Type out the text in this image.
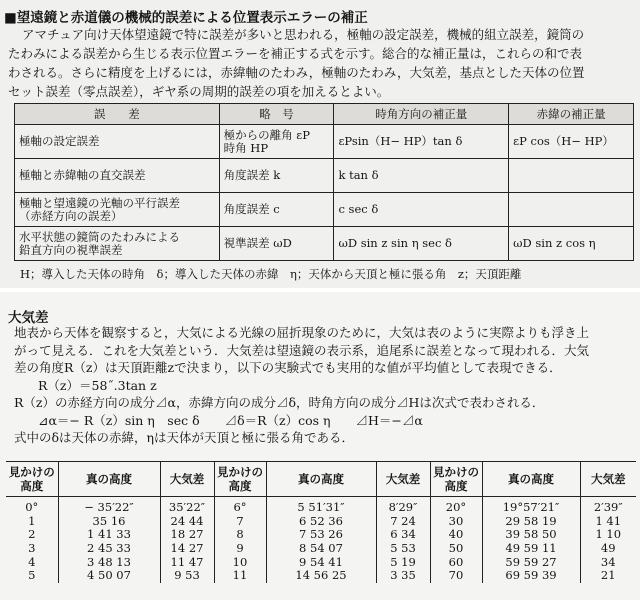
■望遠鏡と赤道儀の機械的誤差による位置表示エラーの補正
アマチュア向け天体望遠鏡で特に誤差が多いと思われる，極軸の設定誤差，機械的組立誤差，鏡筒の
たわみによる誤差から生じる表示位置エラーを補正する式を示す。総合的な補正量は，これらの和で表
わされる。さらに精度を上げるには，赤緯軸のたわみ，極軸のたわみ，大気差，基点とした天体の位置
セット誤差（零点誤差），ギヤ系の周期的誤差の項を加えるとよい。
誤　　差	略　号	時角方向の補正量	赤緯の補正量
極軸の設定誤差	極からの離角 εP
時角 HP	εPsin（H− HP）tan δ	εP cos（H− HP）
極軸と赤緯軸の直交誤差	角度誤差 k	k tan δ	
極軸と望遠鏡の光軸の平行誤差
（赤経方向の誤差）	角度誤差 c	c sec δ	
水平状態の鏡筒のたわみによる
鉛直方向の視準誤差	視準誤差 ωD	ωD sin z sin η sec δ	ωD sin z cos η
H；導入した天体の時角　δ；導入した天体の赤緯　η；天体から天頂と極に張る角　z；天頂距離
大気差
地表から天体を観察すると，大気による光線の屈折現象のために，大気は表のように実際よりも浮き上
がって見える．これを大気差という．大気差は望遠鏡の表示系，追尾系に誤差となって現われる．大気
差の角度R（z）は天頂距離zで決まり，以下の実験式でも実用的な値が平均値として表現できる．
R（z）＝58˝.3tan z
R（z）の赤経方向の成分⊿α，赤緯方向の成分⊿δ，時角方向の成分⊿Hは次式で表わされる．
⊿α＝− R（z）sin η　sec δ　　⊿δ＝R（z）cos η　　⊿H＝−⊿α
式中のδは天体の赤緯，ηは天体が天頂と極に張る角である．
見かけの
高度	真の高度	大気差	見かけの
高度	真の高度	大気差	見かけの
高度	真の高度	大気差
0°	− 35′22″	35′22″	6°	5 51′31″	8′29″	20°	19°57′21″	2′39″
1	35 16	24 44	7	6 52 36	7 24	30	29 58 19	1 41
2	1 41 33	18 27	8	7 53 26	6 34	40	39 58 50	1 10
3	2 45 33	14 27	9	8 54 07	5 53	50	49 59 11	49
4	3 48 13	11 47	10	9 54 41	5 19	60	59 59 27	34
5	4 50 07	9 53	11	14 56 25	3 35	70	69 59 39	21
